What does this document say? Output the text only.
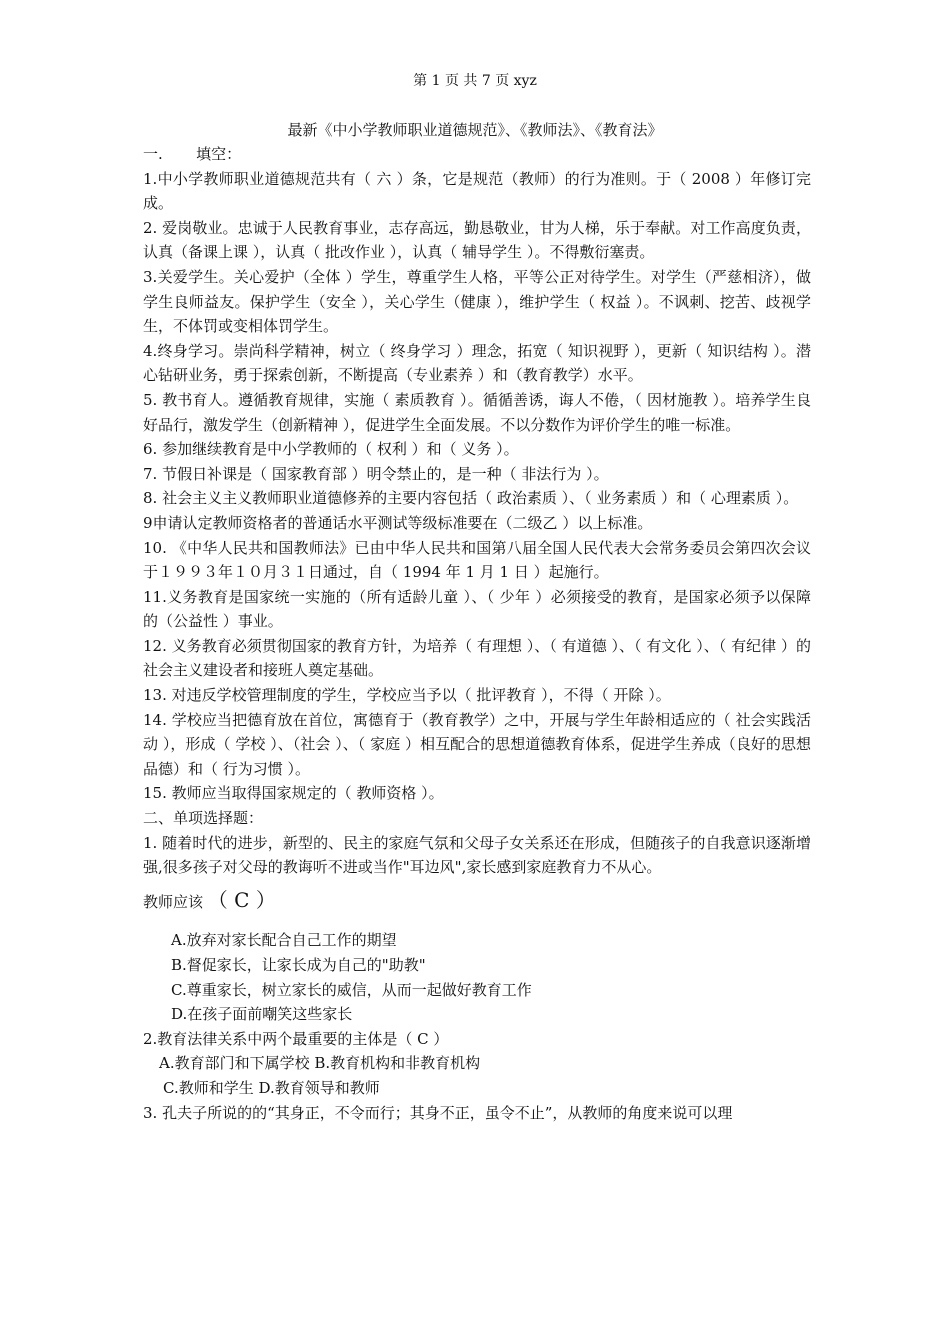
第 1 页 共 7 页 xyz
最新《中小学教师职业道德规范》、《教师法》、《教育法》

一.       填空：

1.中小学教师职业道德规范共有（ 六 ）条，它是规范（教师）的行为准则。于（ 2008 ）年修订完成。

2. 爱岗敬业。忠诚于人民教育事业，志存高远，勤恳敬业，甘为人梯，乐于奉献。对工作高度负责，认真（备课上课 ），认真（ 批改作业 ），认真（ 辅导学生 ）。不得敷衍塞责。

3.关爱学生。关心爱护（全体 ）学生，尊重学生人格，平等公正对待学生。对学生（严慈相济），做学生良师益友。保护学生（安全 ），关心学生（健康 ），维护学生（ 权益 ）。不讽刺、挖苦、歧视学生，不体罚或变相体罚学生。

4.终身学习。崇尚科学精神，树立（ 终身学习 ）理念，拓宽（ 知识视野 ），更新（ 知识结构 ）。潜心钻研业务，勇于探索创新，不断提高（专业素养 ）和（教育教学）水平。

5. 教书育人。遵循教育规律，实施（ 素质教育 ）。循循善诱，诲人不倦，（ 因材施教 ）。培养学生良好品行，激发学生（创新精神 ），促进学生全面发展。不以分数作为评价学生的唯一标准。

6. 参加继续教育是中小学教师的（ 权利 ）和（ 义务 ）。

7. 节假日补课是（ 国家教育部 ）明令禁止的，是一种（ 非法行为 ）。

8. 社会主义主义教师职业道德修养的主要内容包括（ 政治素质 ）、（ 业务素质 ）和（ 心理素质 ）。

9申请认定教师资格者的普通话水平测试等级标准要在（二级乙 ）以上标准。

10. 《中华人民共和国教师法》已由中华人民共和国第八届全国人民代表大会常务委员会第四次会议于１９９３年１０月３１日通过，自（ 1994 年 1 月 1 日 ）起施行。

11.义务教育是国家统一实施的（所有适龄儿童 ）、（ 少年 ）必须接受的教育，是国家必须予以保障的（公益性 ）事业。

12. 义务教育必须贯彻国家的教育方针，为培养（ 有理想 ）、（ 有道德 ）、（ 有文化 ）、（ 有纪律 ）的社会主义建设者和接班人奠定基础。

13. 对违反学校管理制度的学生，学校应当予以（ 批评教育 ），不得（ 开除 ）。

14. 学校应当把德育放在首位，寓德育于（教育教学）之中，开展与学生年龄相适应的（ 社会实践活动 ），形成（ 学校 ）、（社会 ）、（ 家庭 ）相互配合的思想道德教育体系，促进学生养成（良好的思想品德）和（ 行为习惯 ）。

15. 教师应当取得国家规定的（ 教师资格 ）。

二、单项选择题：

1. 随着时代的进步，新型的、民主的家庭气氛和父母子女关系还在形成，但随孩子的自我意识逐渐增强,很多孩子对父母的教诲听不进或当作"耳边风",家长感到家庭教育力不从心。

教师应该 （ C ）

A.放弃对家长配合自己工作的期望

B.督促家长，让家长成为自己的"助教"

C.尊重家长，树立家长的威信，从而一起做好教育工作

D.在孩子面前嘲笑这些家长

2.教育法律关系中两个最重要的主体是（ C ）

A.教育部门和下属学校 B.教育机构和非教育机构

C.教师和学生 D.教育领导和教师

3. 孔夫子所说的的“其身正，不令而行；其身不正，虽令不止”，从教师的角度来说可以理
